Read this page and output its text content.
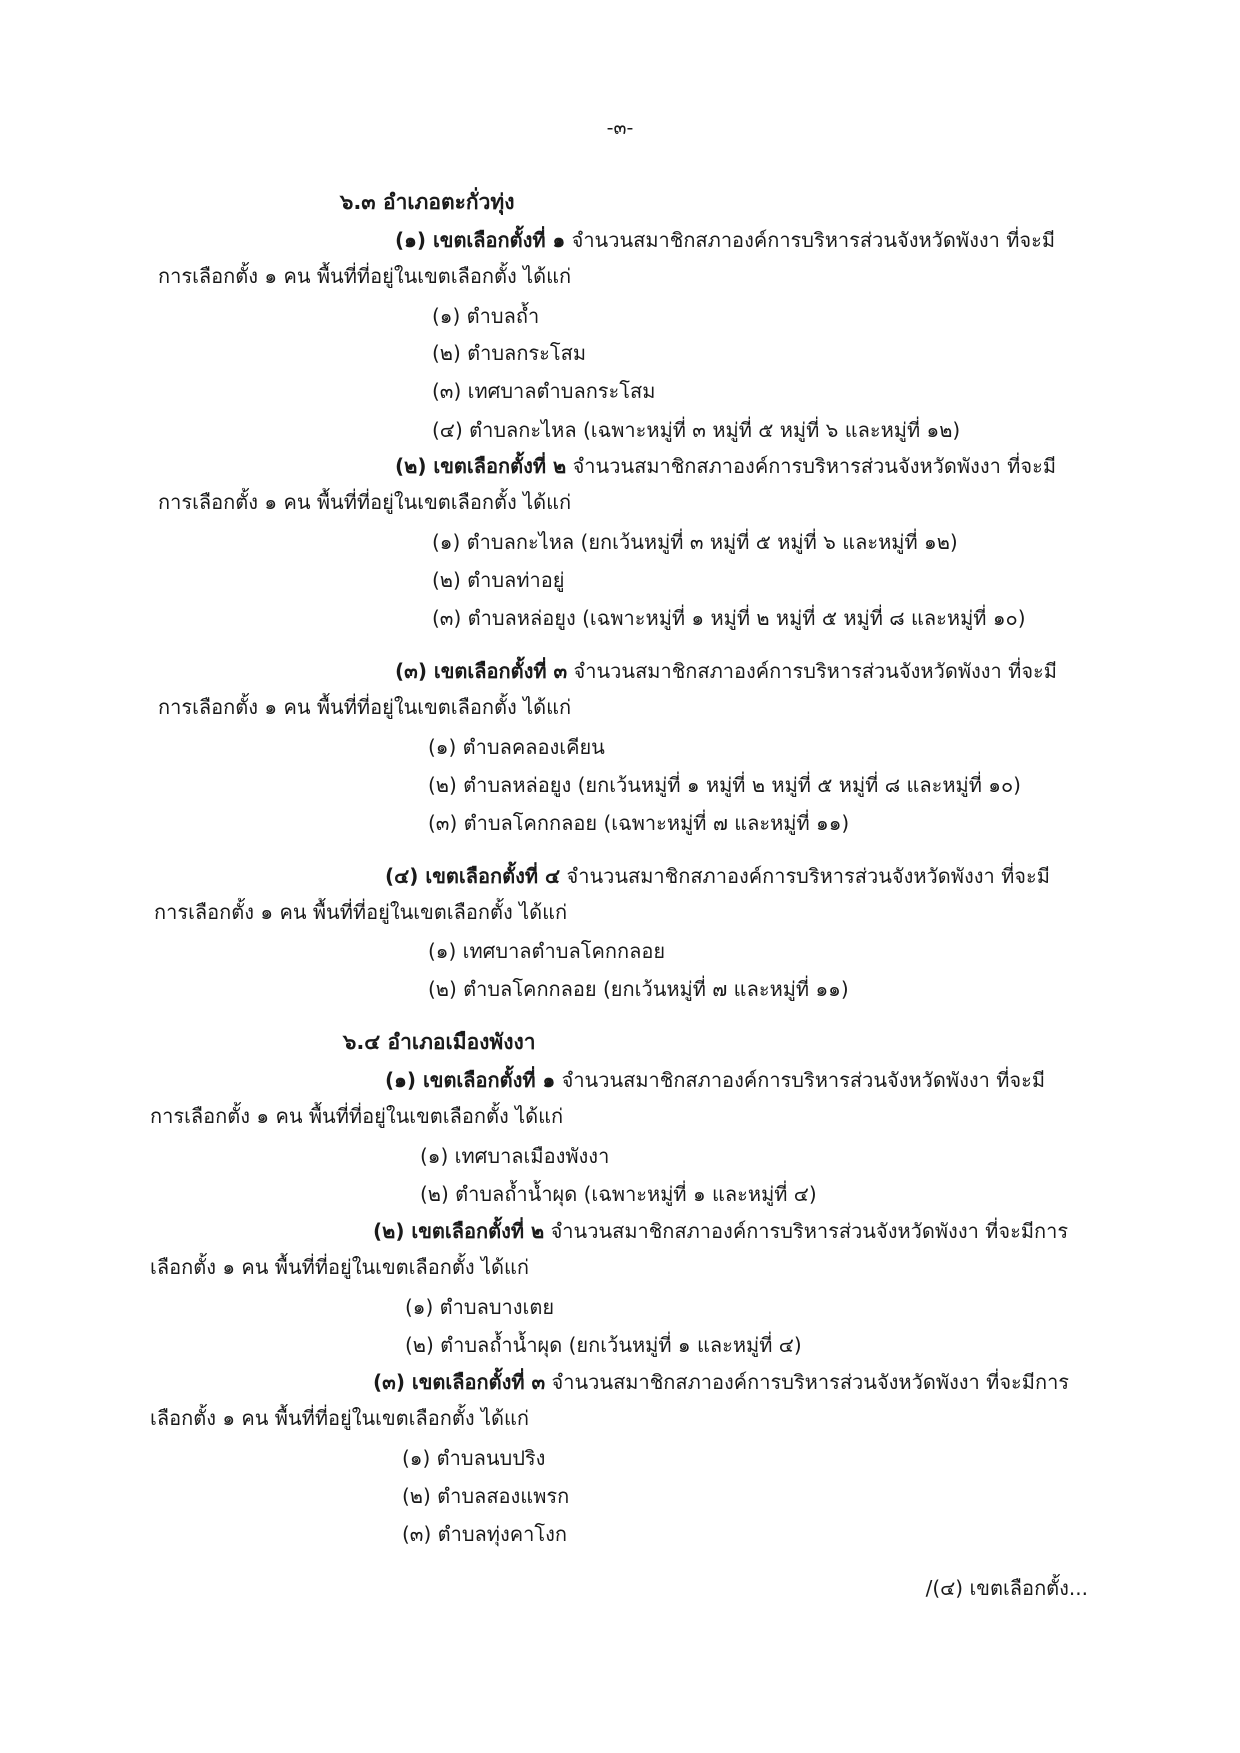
-๓-
๖.๓ อำเภอตะกั่วทุ่ง
(๑) เขตเลือกตั้งที่ ๑ จำนวนสมาชิกสภาองค์การบริหารส่วนจังหวัดพังงา ที่จะมี
การเลือกตั้ง ๑ คน พื้นที่ที่อยู่ในเขตเลือกตั้ง ได้แก่
(๑) ตำบลถ้ำ
(๒) ตำบลกระโสม
(๓) เทศบาลตำบลกระโสม
(๔) ตำบลกะไหล (เฉพาะหมู่ที่ ๓ หมู่ที่ ๕ หมู่ที่ ๖ และหมู่ที่ ๑๒)
(๒) เขตเลือกตั้งที่ ๒ จำนวนสมาชิกสภาองค์การบริหารส่วนจังหวัดพังงา ที่จะมี
การเลือกตั้ง ๑ คน พื้นที่ที่อยู่ในเขตเลือกตั้ง ได้แก่
(๑) ตำบลกะไหล (ยกเว้นหมู่ที่ ๓ หมู่ที่ ๕ หมู่ที่ ๖ และหมู่ที่ ๑๒)
(๒) ตำบลท่าอยู่
(๓) ตำบลหล่อยูง (เฉพาะหมู่ที่ ๑ หมู่ที่ ๒ หมู่ที่ ๕ หมู่ที่ ๘ และหมู่ที่ ๑๐)
(๓) เขตเลือกตั้งที่ ๓ จำนวนสมาชิกสภาองค์การบริหารส่วนจังหวัดพังงา ที่จะมี
การเลือกตั้ง ๑ คน พื้นที่ที่อยู่ในเขตเลือกตั้ง ได้แก่
(๑) ตำบลคลองเคียน
(๒) ตำบลหล่อยูง (ยกเว้นหมู่ที่ ๑ หมู่ที่ ๒ หมู่ที่ ๕ หมู่ที่ ๘ และหมู่ที่ ๑๐)
(๓) ตำบลโคกกลอย (เฉพาะหมู่ที่ ๗ และหมู่ที่ ๑๑)
(๔) เขตเลือกตั้งที่ ๔ จำนวนสมาชิกสภาองค์การบริหารส่วนจังหวัดพังงา ที่จะมี
การเลือกตั้ง ๑ คน พื้นที่ที่อยู่ในเขตเลือกตั้ง ได้แก่
(๑) เทศบาลตำบลโคกกลอย
(๒) ตำบลโคกกลอย (ยกเว้นหมู่ที่ ๗ และหมู่ที่ ๑๑)
๖.๔ อำเภอเมืองพังงา
(๑) เขตเลือกตั้งที่ ๑ จำนวนสมาชิกสภาองค์การบริหารส่วนจังหวัดพังงา ที่จะมี
การเลือกตั้ง ๑ คน พื้นที่ที่อยู่ในเขตเลือกตั้ง ได้แก่
(๑) เทศบาลเมืองพังงา
(๒) ตำบลถ้ำน้ำผุด (เฉพาะหมู่ที่ ๑ และหมู่ที่ ๔)
(๒) เขตเลือกตั้งที่ ๒ จำนวนสมาชิกสภาองค์การบริหารส่วนจังหวัดพังงา ที่จะมีการ
เลือกตั้ง ๑ คน พื้นที่ที่อยู่ในเขตเลือกตั้ง ได้แก่
(๑) ตำบลบางเตย
(๒) ตำบลถ้ำน้ำผุด (ยกเว้นหมู่ที่ ๑ และหมู่ที่ ๔)
(๓) เขตเลือกตั้งที่ ๓ จำนวนสมาชิกสภาองค์การบริหารส่วนจังหวัดพังงา ที่จะมีการ
เลือกตั้ง ๑ คน พื้นที่ที่อยู่ในเขตเลือกตั้ง ได้แก่
(๑) ตำบลนบปริง
(๒) ตำบลสองแพรก
(๓) ตำบลทุ่งคาโงก
/(๔) เขตเลือกตั้ง...
